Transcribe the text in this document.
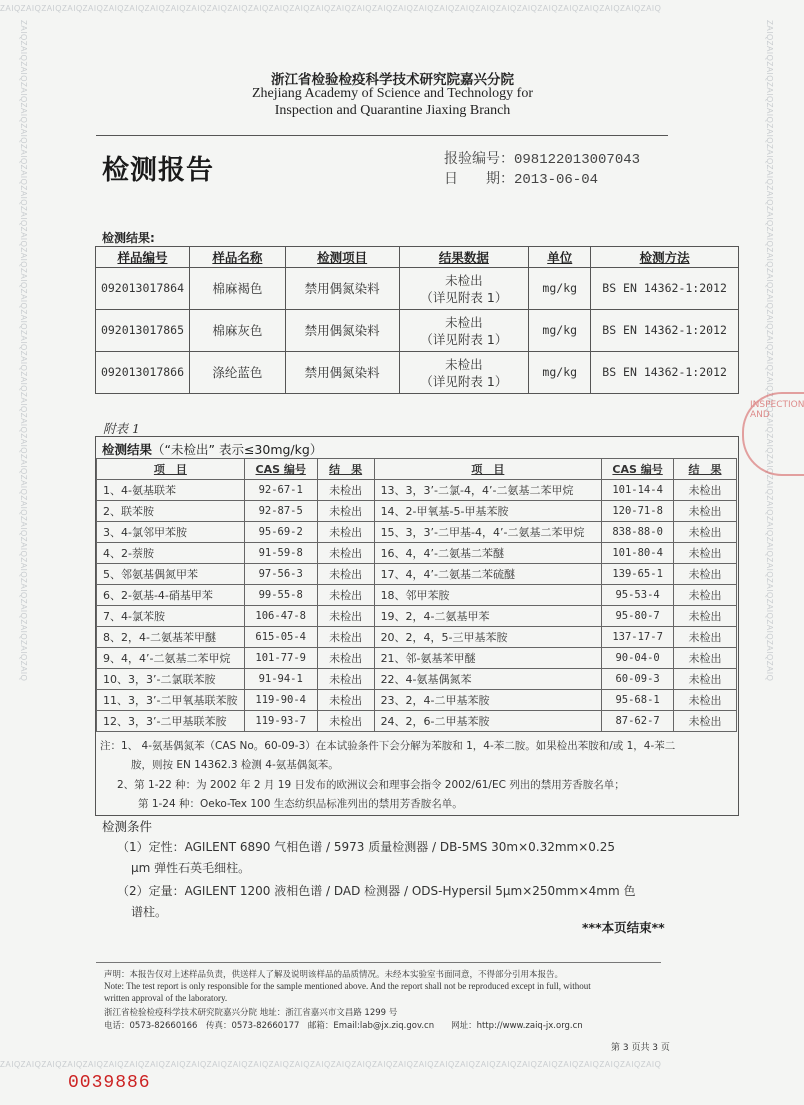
ZAIQZAIQZAIQZAIQZAIQZAIQZAIQZAIQZAIQZAIQZAIQZAIQZAIQZAIQZAIQZAIQZAIQZAIQZAIQZAIQZAIQZAIQZAIQZAIQZAIQZAIQZAIQZAIQZAIQZAIQZAIQZAIQ
ZAIQZAIQZAIQZAIQZAIQZAIQZAIQZAIQZAIQZAIQZAIQZAIQZAIQZAIQZAIQZAIQZAIQZAIQZAIQZAIQZAIQZAIQZAIQZAIQZAIQZAIQZAIQZAIQZAIQZAIQZAIQZAIQ
ZAIQZAIQZAIQZAIQZAIQZAIQZAIQZAIQZAIQZAIQZAIQZAIQZAIQZAIQZAIQZAIQZAIQZAIQZAIQZAIQZAIQZAIQZAIQZAIQZAIQZAIQZAIQZAIQZAIQZAIQZAIQZAIQ	ZAIQZAIQZAIQZAIQZAIQZAIQZAIQZAIQZAIQZAIQZAIQZAIQZAIQZAIQZAIQZAIQZAIQZAIQZAIQZAIQZAIQZAIQZAIQZAIQZAIQZAIQZAIQZAIQZAIQZAIQZAIQZAIQ
浙江省检验检疫科学技术研究院嘉兴分院
Zhejiang Academy of Science and Technology for
Inspection and Quarantine Jiaxing Branch
检测报告	报验编号：098122013007043
日　　期：2013-06-04
检测结果:
样品编号	样品名称	检测项目	结果数据	单位	检测方法
092013017864	棉麻褐色	禁用偶氮染料	未检出
（详见附表 1）	mg/kg	BS EN 14362-1:2012
092013017865	棉麻灰色	禁用偶氮染料	未检出
（详见附表 1）	mg/kg	BS EN 14362-1:2012
092013017866	涤纶蓝色	禁用偶氮染料	未检出
（详见附表 1）	mg/kg	BS EN 14362-1:2012
附表 1
检测结果（“未检出” 表示≤30mg/kg）
项　目	CAS 编号	结　果	项　目	CAS 编号	结　果
1、4-氨基联苯	92-67-1	未检出	13、3，3’-二氯-4，4’-二氨基二苯甲烷	101-14-4	未检出
2、联苯胺	92-87-5	未检出	14、2-甲氧基-5-甲基苯胺	120-71-8	未检出
3、4-氯邻甲苯胺	95-69-2	未检出	15、3，3’-二甲基-4，4’-二氨基二苯甲烷	838-88-0	未检出
4、2-萘胺	91-59-8	未检出	16、4，4’-二氨基二苯醚	101-80-4	未检出
5、邻氨基偶氮甲苯	97-56-3	未检出	17、4，4’-二氨基二苯硫醚	139-65-1	未检出
6、2-氨基-4-硝基甲苯	99-55-8	未检出	18、邻甲苯胺	95-53-4	未检出
7、4-氯苯胺	106-47-8	未检出	19、2，4-二氨基甲苯	95-80-7	未检出
8、2，4-二氨基苯甲醚	615-05-4	未检出	20、2，4，5-三甲基苯胺	137-17-7	未检出
9、4，4’-二氨基二苯甲烷	101-77-9	未检出	21、邻-氨基苯甲醚	90-04-0	未检出
10、3，3’-二氯联苯胺	91-94-1	未检出	22、4-氨基偶氮苯	60-09-3	未检出
11、3，3’-二甲氧基联苯胺	119-90-4	未检出	23、2，4-二甲基苯胺	95-68-1	未检出
12、3，3’-二甲基联苯胺	119-93-7	未检出	24、2，6-二甲基苯胺	87-62-7	未检出
注：1、 4-氨基偶氮苯（CAS No。60-09-3）在本试验条件下会分解为苯胺和 1，4-苯二胺。如果检出苯胺和/或 1，4-苯二
胺，则按 EN 14362.3 检测 4-氨基偶氮苯。
2、第 1-22 种：为 2002 年 2 月 19 日发布的欧洲议会和理事会指令 2002/61/EC 列出的禁用芳香胺名单；
第 1-24 种：Oeko-Tex 100 生态纺织品标准列出的禁用芳香胺名单。
检测条件
（1）定性：AGILENT 6890 气相色谱 / 5973 质量检测器 / DB-5MS 30m×0.32mm×0.25
μm 弹性石英毛细柱。
（2）定量：AGILENT 1200 液相色谱 / DAD 检测器 / ODS-Hypersil 5μm×250mm×4mm 色
谱柱。
***本页结束**
声明：本报告仅对上述样品负责，供送样人了解及说明该样品的品质情况。未经本实验室书面同意，不得部分引用本报告。
Note: The test report is only responsible for the sample mentioned above. And the report shall not be reproduced except in full, without
written approval of the laboratory.
浙江省检验检疫科学技术研究院嘉兴分院 地址：浙江省嘉兴市文昌路 1299 号
电话：0573-82660166　传真：0573-82660177　邮箱：Email:lab@jx.ziq.gov.cn　　网址：http://www.zaiq-jx.org.cn
第 3 页共 3 页
0039886
INSPECTION AND
